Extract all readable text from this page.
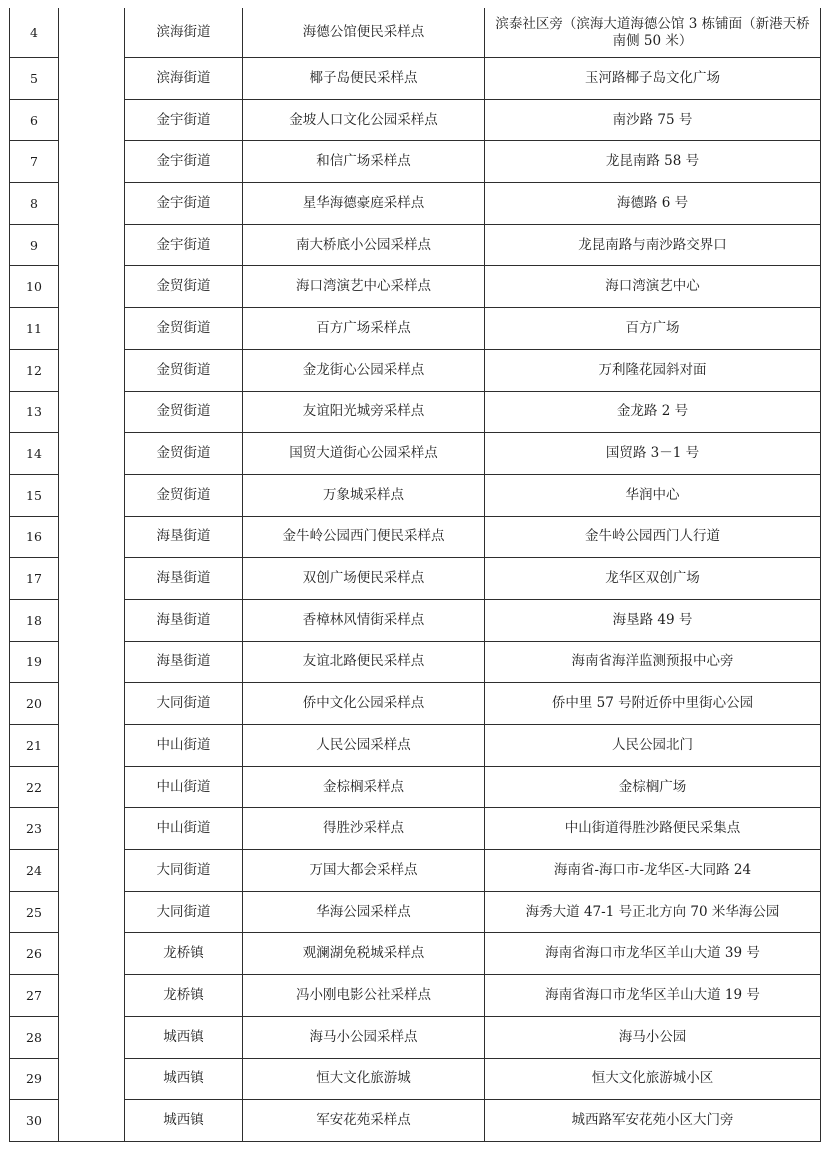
4		滨海街道	海德公馆便民采样点	滨泰社区旁（滨海大道海德公馆 3 栋铺面（新港天桥南侧 50 米）
5		滨海街道	椰子岛便民采样点	玉河路椰子岛文化广场
6		金宇街道	金坡人口文化公园采样点	南沙路 75 号
7		金宇街道	和信广场采样点	龙昆南路 58 号
8		金宇街道	星华海德豪庭采样点	海德路 6 号
9		金宇街道	南大桥底小公园采样点	龙昆南路与南沙路交界口
10		金贸街道	海口湾演艺中心采样点	海口湾演艺中心
11		金贸街道	百方广场采样点	百方广场
12		金贸街道	金龙街心公园采样点	万利隆花园斜对面
13		金贸街道	友谊阳光城旁采样点	金龙路 2 号
14		金贸街道	国贸大道街心公园采样点	国贸路 3－1 号
15		金贸街道	万象城采样点	华润中心
16		海垦街道	金牛岭公园西门便民采样点	金牛岭公园西门人行道
17		海垦街道	双创广场便民采样点	龙华区双创广场
18		海垦街道	香樟林风情街采样点	海垦路 49 号
19		海垦街道	友谊北路便民采样点	海南省海洋监测预报中心旁
20		大同街道	侨中文化公园采样点	侨中里 57 号附近侨中里街心公园
21		中山街道	人民公园采样点	人民公园北门
22		中山街道	金棕榈采样点	金棕榈广场
23		中山街道	得胜沙采样点	中山街道得胜沙路便民采集点
24		大同街道	万国大都会采样点	海南省-海口市-龙华区-大同路 24
25		大同街道	华海公园采样点	海秀大道 47-1 号正北方向 70 米华海公园
26		龙桥镇	观澜湖免税城采样点	海南省海口市龙华区羊山大道 39 号
27		龙桥镇	冯小刚电影公社采样点	海南省海口市龙华区羊山大道 19 号
28		城西镇	海马小公园采样点	海马小公园
29		城西镇	恒大文化旅游城	恒大文化旅游城小区
30		城西镇	军安花苑采样点	城西路军安花苑小区大门旁
